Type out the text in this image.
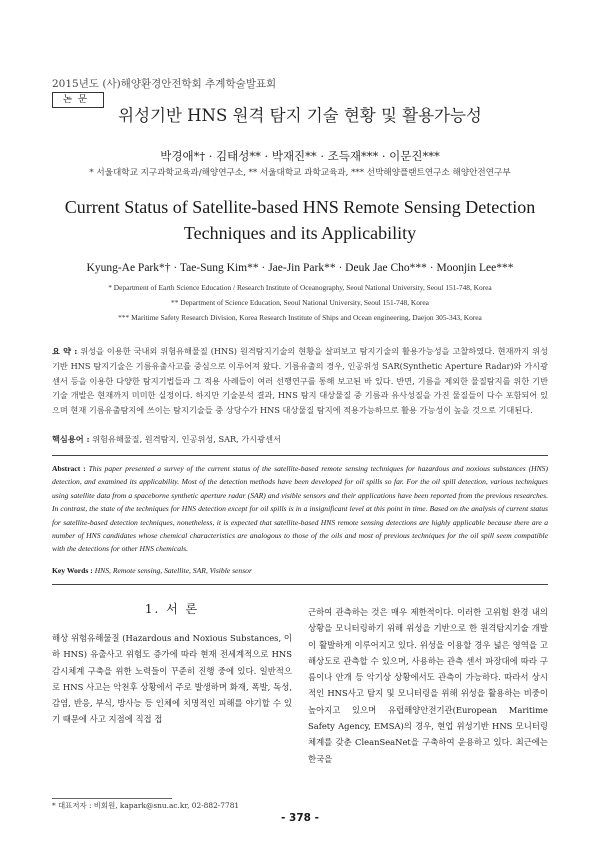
2015년도 (사)해양환경안전학회 추계학술발표회
논문
위성기반 HNS 원격 탐지 기술 현황 및 활용가능성
박경애*† · 김태성** · 박재진** · 조득재*** · 이문진***
* 서울대학교 지구과학교육과/해양연구소, ** 서울대학교 과학교육과, *** 선박해양플랜트연구소 해양안전연구부
Current Status of Satellite-based HNS Remote Sensing Detection Techniques and its Applicability
Kyung-Ae Park*† · Tae-Sung Kim** · Jae-Jin Park** · Deuk Jae Cho*** · Moonjin Lee***
* Department of Earth Science Education / Research Institute of Oceanography, Seoul National University, Seoul 151-748, Korea
** Department of Science Education, Seoul National University, Seoul 151-748, Korea
*** Maritime Safety Research Division, Korea Research Institute of Ships and Ocean engineering, Daejon 305-343, Korea
요 약 : 위성을 이용한 국내외 위험유해물질 (HNS) 원격탐지기술의 현황을 살펴보고 탐지기술의 활용가능성을 고찰하였다. 현재까지 위성기반 HNS 탐지기술은 기름유출사고를 중심으로 이루어져 왔다. 기름유출의 경우, 인공위성 SAR(Synthetic Aperture Radar)와 가시광센서 등을 이용한 다양한 탐지기법들과 그 적용 사례들이 여러 선행연구를 통해 보고된 바 있다. 반면, 기름을 제외한 물질탐지를 위한 기반기술 개발은 현재까지 미미한 실정이다. 하지만 기술분석 결과, HNS 탐지 대상물질 중 기름과 유사성질을 가진 물질들이 다수 포함되어 있으며 현재 기름유출탐지에 쓰이는 탐지기술들 중 상당수가 HNS 대상물질 탐지에 적용가능하므로 활용 가능성이 높을 것으로 기대된다.
핵심용어 : 위험유해물질, 원격탐지, 인공위성, SAR, 가시광센서
Abstract : This paper presented a survey of the current status of the satellite-based remote sensing techniques for hazardous and noxious substances (HNS) detection, and examined its applicability. Most of the detection methods have been developed for oil spills so far. For the oil spill detection, various techniques using satellite data from a spaceborne synthetic aperture radar (SAR) and visible sensors and their applications have been reported from the previous researches. In contrast, the state of the techniques for HNS detection except for oil spills is in a insignificant level at this point in time. Based on the analysis of current status for satellite-based detection techniques, nonetheless, it is expected that satellite-based HNS remote sensing detections are highly applicable because there are a number of HNS candidates whose chemical characteristics are analogous to those of the oils and most of previous techniques for the oil spill seem compatible with the detections for other HNS chemicals.
Key Words : HNS, Remote sensing, Satellite, SAR, Visible sensor
1. 서 론
해상 위험유해물질 (Hazardous and Noxious Substances, 이하 HNS) 유출사고 위험도 증가에 따라 현재 전세계적으로 HNS 감시체계 구축을 위한 노력들이 꾸준히 진행 중에 있다. 일반적으로 HNS 사고는 악천후 상황에서 주로 발생하며 화재, 폭발, 독성, 감염, 반응, 부식, 방사능 등 인체에 치명적인 피해를 야기할 수 있기 때문에 사고 지점에 직접 접
근하여 관측하는 것은 매우 제한적이다. 이러한 고위험 환경 내의 상황을 모니터링하기 위해 위성을 기반으로 한 원격탐지기술 개발이 활발하게 이루어지고 있다. 위성을 이용할 경우 넓은 영역을 고해상도로 관측할 수 있으며, 사용하는 관측 센서 파장대에 따라 구름이나 안개 등 악기상 상황에서도 관측이 가능하다. 따라서 상시적인 HNS사고 탐지 및 모니터링을 위해 위성을 활용하는 비중이 높아지고 있으며 유럽해양안전기관(European Maritime Safety Agency, EMSA)의 경우, 현업 위성기반 HNS 모니터링 체계를 갖춘 CleanSeaNet을 구축하여 운용하고 있다. 최근에는 한국을
* 대표저자 : 비회원, kapark@snu.ac.kr, 02-882-7781
- 378 -
